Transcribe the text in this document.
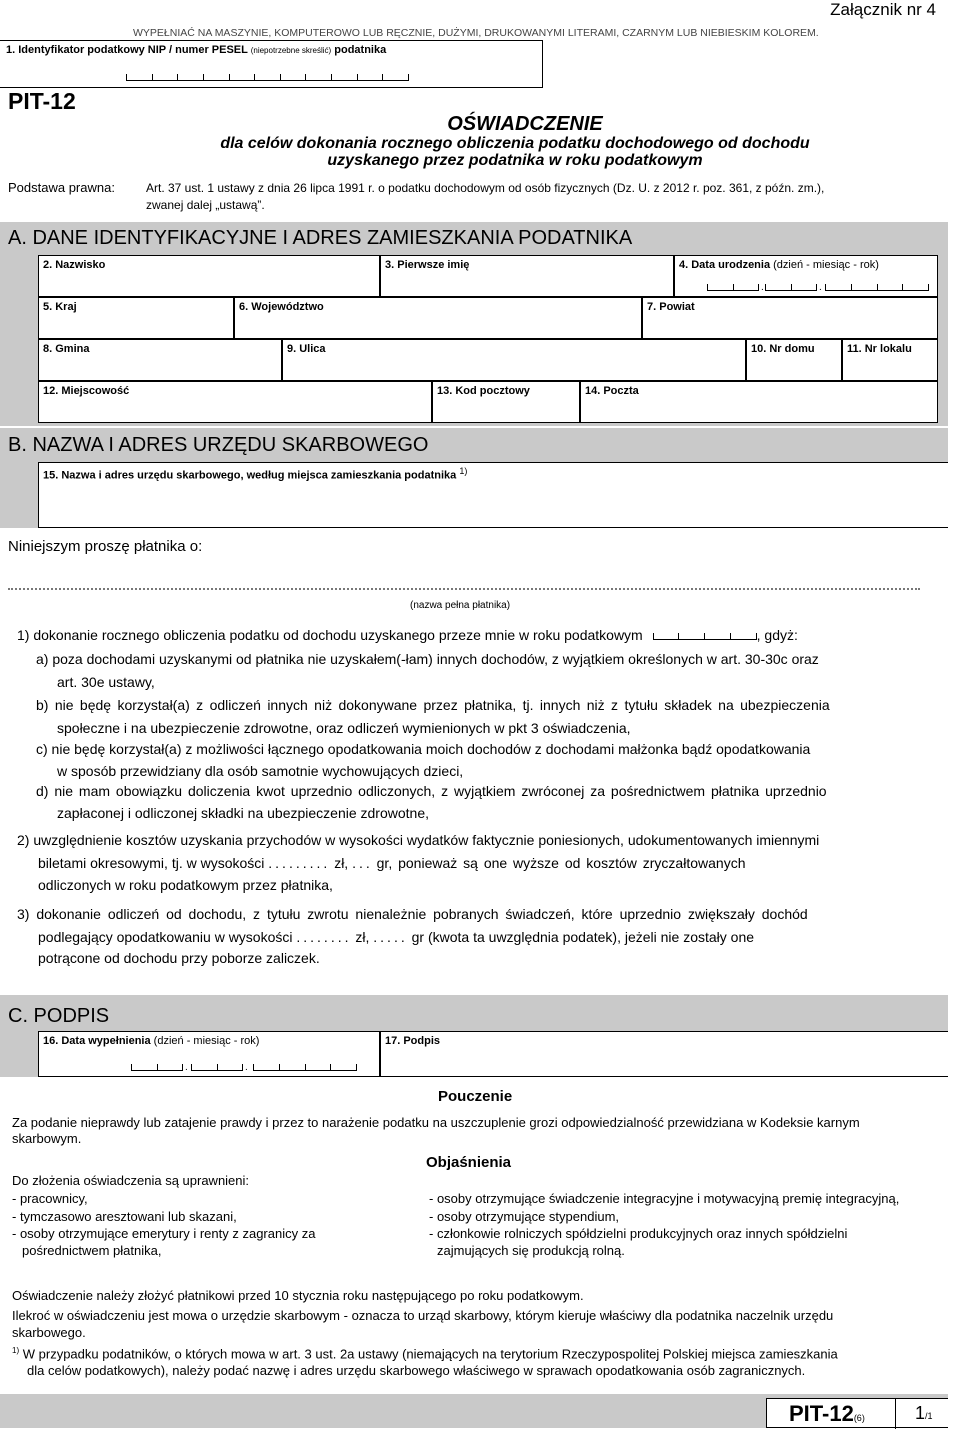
Załącznik nr 4
WYPEŁNIAĆ NA MASZYNIE, KOMPUTEROWO LUB RĘCZNIE, DUŻYMI, DRUKOWANYMI LITERAMI, CZARNYM LUB NIEBIESKIM KOLOREM.
1. Identyfikator podatkowy NIP / numer PESEL (niepotrzebne skreślić) podatnika
PIT-12
OŚWIADCZENIE
dla celów dokonania rocznego obliczenia podatku dochodowego od dochodu
uzyskanego przez podatnika w roku podatkowym
Podstawa prawna:	Art. 37 ust. 1 ustawy z dnia 26 lipca 1991 r. o podatku dochodowym od osób fizycznych (Dz. U. z 2012 r. poz. 361, z późn. zm.),
zwanej dalej „ustawą”.
A. DANE IDENTYFIKACYJNE I ADRES ZAMIESZKANIA PODATNIKA
2. Nazwisko	3. Pierwsze imię	4. Data urodzenia (dzień - miesiąc - rok)
.	.
5. Kraj	6. Województwo	7. Powiat
8. Gmina	9. Ulica	10. Nr domu	11. Nr lokalu
12. Miejscowość	13. Kod pocztowy	14. Poczta
B. NAZWA I ADRES URZĘDU SKARBOWEGO
15. Nazwa i adres urzędu skarbowego, według miejsca zamieszkania podatnika $^{1)}$
Niniejszym proszę płatnika o:
(nazwa pełna płatnika)
1) dokonanie rocznego obliczenia podatku od dochodu uzyskanego przeze mnie w roku podatkowym	, gdyż:
a) poza dochodami uzyskanymi od płatnika nie uzyskałem(-łam) innych dochodów, z wyjątkiem określonych w art. 30-30c oraz
art. 30e ustawy,
b) nie będę korzystał(a) z odliczeń innych niż dokonywane przez płatnika, tj. innych niż z tytułu składek na ubezpieczenia
społeczne i na ubezpieczenie zdrowotne, oraz odliczeń wymienionych w pkt 3 oświadczenia,
c) nie będę korzystał(a) z możliwości łącznego opodatkowania moich dochodów z dochodami małżonka bądź opodatkowania
w sposób przewidziany dla osób samotnie wychowujących dzieci,
d) nie mam obowiązku doliczenia kwot uprzednio odliczonych, z wyjątkiem zwróconej za pośrednictwem płatnika uprzednio
zapłaconej i odliczonej składki na ubezpieczenie zdrowotne,
2) uwzględnienie kosztów uzyskania przychodów w wysokości wydatków faktycznie poniesionych, udokumentowanych imiennymi
biletami okresowymi, tj. w wysokości ......... zł, ... gr, ponieważ są one wyższe od kosztów zryczałtowanych
odliczonych w roku podatkowym przez płatnika,
3) dokonanie odliczeń od dochodu, z tytułu zwrotu nienależnie pobranych świadczeń, które uprzednio zwiększały dochód
podlegający opodatkowaniu w wysokości ........ zł, ..... gr (kwota ta uwzględnia podatek), jeżeli nie zostały one
potrącone od dochodu przy poborze zaliczek.
C. PODPIS
16. Data wypełnienia (dzień - miesiąc - rok)
.	.
17. Podpis
Pouczenie
Za podanie nieprawdy lub zatajenie prawdy i przez to narażenie podatku na uszczuplenie grozi odpowiedzialność przewidziana w Kodeksie karnym
skarbowym.
Objaśnienia
Do złożenia oświadczenia są uprawnieni:
- pracownicy,
- tymczasowo aresztowani lub skazani,
- osoby otrzymujące emerytury i renty z zagranicy za
pośrednictwem płatnika,
- osoby otrzymujące świadczenie integracyjne i motywacyjną premię integracyjną,
- osoby otrzymujące stypendium,
- członkowie rolniczych spółdzielni produkcyjnych oraz innych spółdzielni
zajmujących się produkcją rolną.
Oświadczenie należy złożyć płatnikowi przed 10 stycznia roku następującego po roku podatkowym.
Ilekroć w oświadczeniu jest mowa o urzędzie skarbowym - oznacza to urząd skarbowy, którym kieruje właściwy dla podatnika naczelnik urzędu
skarbowego.
$^{1)}$ W przypadku podatników, o których mowa w art. 3 ust. 2a ustawy (niemających na terytorium Rzeczypospolitej Polskiej miejsca zamieszkania
dla celów podatkowych), należy podać nazwę i adres urzędu skarbowego właściwego w sprawach opodatkowania osób zagranicznych.
PIT-12(6)	1/1
